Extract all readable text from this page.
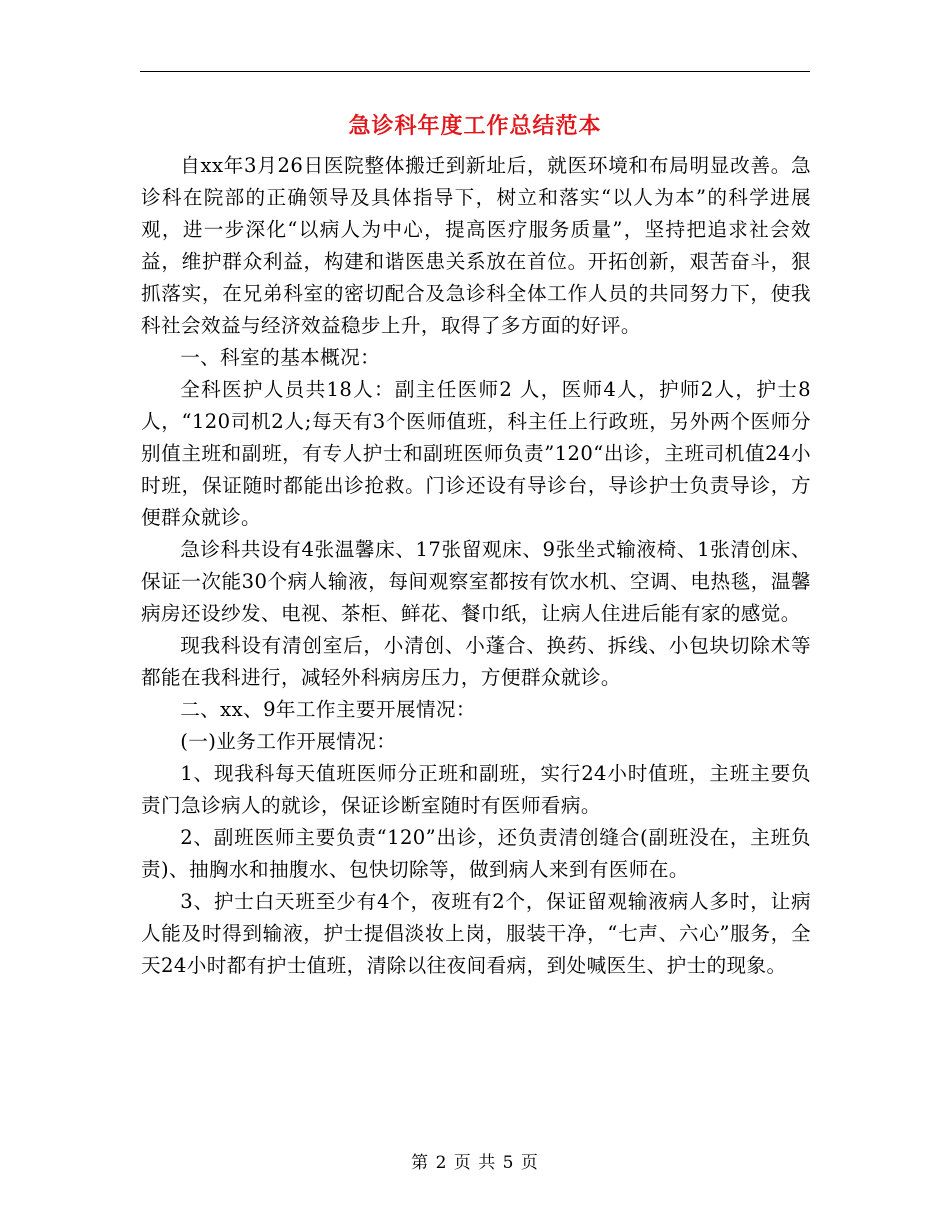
急诊科年度工作总结范本

自xx年3月26日医院整体搬迁到新址后，就医环境和布局明显改善。急诊科在院部的正确领导及具体指导下，树立和落实“以人为本”的科学进展观，进一步深化“以病人为中心，提高医疗服务质量”，坚持把追求社会效益，维护群众利益，构建和谐医患关系放在首位。开拓创新，艰苦奋斗，狠抓落实，在兄弟科室的密切配合及急诊科全体工作人员的共同努力下，使我科社会效益与经济效益稳步上升，取得了多方面的好评。

一、科室的基本概况：

全科医护人员共18人：副主任医师2 人，医师4人，护师2人，护士8人，“120司机2人;每天有3个医师值班，科主任上行政班，另外两个医师分别值主班和副班，有专人护士和副班医师负责”120“出诊，主班司机值24小时班，保证随时都能出诊抢救。门诊还设有导诊台，导诊护士负责导诊，方便群众就诊。

急诊科共设有4张温馨床、17张留观床、9张坐式输液椅、1张清创床、保证一次能30个病人输液，每间观察室都按有饮水机、空调、电热毯，温馨病房还设纱发、电视、茶柜、鲜花、餐巾纸，让病人住进后能有家的感觉。

现我科设有清创室后，小清创、小蓬合、换药、拆线、小包块切除术等都能在我科进行，减轻外科病房压力，方便群众就诊。

二、xx、9年工作主要开展情况：

(一)业务工作开展情况：

1、现我科每天值班医师分正班和副班，实行24小时值班，主班主要负责门急诊病人的就诊，保证诊断室随时有医师看病。

2、副班医师主要负责“120”出诊，还负责清创缝合(副班没在，主班负责)、抽胸水和抽腹水、包快切除等，做到病人来到有医师在。

3、护士白天班至少有4个，夜班有2个，保证留观输液病人多时，让病人能及时得到输液，护士提倡淡妆上岗，服装干净，“七声、六心”服务，全天24小时都有护士值班，清除以往夜间看病，到处喊医生、护士的现象。

第 2 页 共 5 页
